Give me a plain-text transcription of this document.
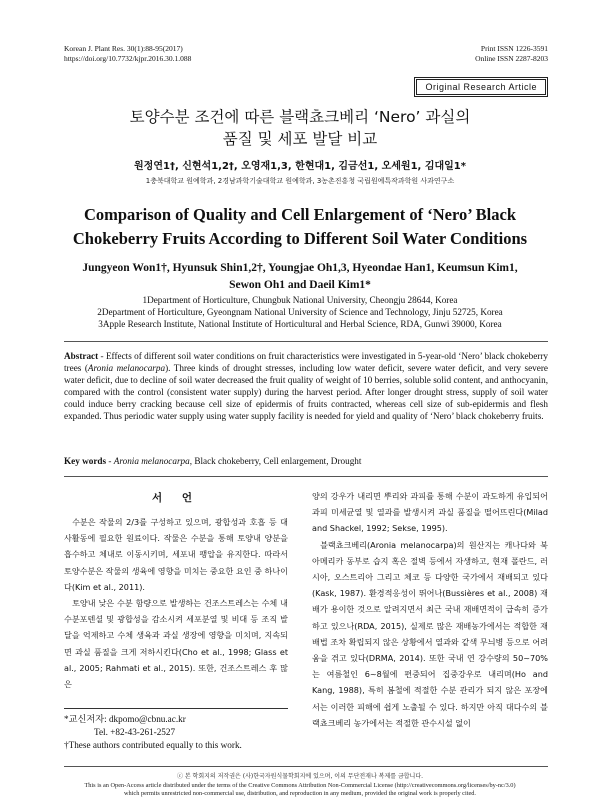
Korean J. Plant Res. 30(1):88-95(2017)
https://doi.org/10.7732/kjpr.2016.30.1.088
Print ISSN 1226-3591
Online ISSN 2287-8203
Original Research Article
토양수분 조건에 따른 블랙쵸크베리 ‘Nero’ 과실의
품질 및 세포 발달 비교
원정연1†, 신현석1,2†, 오영재1,3, 한현대1, 김금선1, 오세원1, 김대일1*
1충북대학교 원예학과, 2경남과학기술대학교 원예학과, 3농촌진흥청 국립원예특작과학원 사과연구소
Comparison of Quality and Cell Enlargement of ‘Nero’ Black
Chokeberry Fruits According to Different Soil Water Conditions
Jungyeon Won1†, Hyunsuk Shin1,2†, Youngjae Oh1,3, Hyeondae Han1, Keumsun Kim1,
Sewon Oh1 and Daeil Kim1*
1Department of Horticulture, Chungbuk National University, Cheongju 28644, Korea
2Department of Horticulture, Gyeongnam National University of Science and Technology, Jinju 52725, Korea
3Apple Research Institute, National Institute of Horticultural and Herbal Science, RDA, Gunwi 39000, Korea
Abstract - Effects of different soil water conditions on fruit characteristics were investigated in 5-year-old ‘Nero’ black chokeberry trees (Aronia melanocarpa). Three kinds of drought stresses, including low water deficit, severe water deficit, and very severe water deficit, due to decline of soil water decreased the fruit quality of weight of 10 berries, soluble solid content, and anthocyanin, compared with the control (consistent water supply) during the harvest period. After longer drought stress, supply of soil water could induce berry cracking because cell size of epidermis of fruits contracted, whereas cell size of sub-epidermis and flesh expanded. Thus periodic water supply using water supply facility is needed for yield and quality of ‘Nero’ black chokeberry fruits.
Key words - Aronia melanocarpa, Black chokeberry, Cell enlargement, Drought
서 언

수분은 작물의 2/3를 구성하고 있으며, 광합성과 호흡 등 대사활동에 필요한 원료이다. 작물은 수분을 통해 토양내 양분을 흡수하고 체내로 이동시키며, 세포내 팽압을 유지한다. 따라서 토양수분은 작물의 생육에 영향을 미치는 중요한 요인 중 하나이다(Kim et al., 2011).

토양내 낮은 수분 함량으로 발생하는 건조스트레스는 수체 내 수분포텐셜 및 광합성을 감소시켜 세포분열 및 비대 등 조직 발달을 억제하고 수체 생육과 과실 생장에 영향을 미치며, 지속되면 과실 품질을 크게 저하시킨다(Cho et al., 1998; Glass et al., 2005; Rahmati et al., 2015). 또한, 건조스트레스 후 많은

양의 강우가 내리면 뿌리와 과피를 통해 수분이 과도하게 유입되어 과피 미세균열 및 열과를 발생시켜 과실 품질을 떨어뜨린다(Milad and Shackel, 1992; Sekse, 1995).

블랙쵸크베리(Aronia melanocarpa)의 원산지는 캐나다와 북아메리카 동부로 습지 혹은 절벽 등에서 자생하고, 현재 폴란드, 러시아, 오스트리아 그리고 체코 등 다양한 국가에서 재배되고 있다(Kask, 1987). 환경적응성이 뛰어나(Bussières et al., 2008) 재배가 용이한 것으로 알려지면서 최근 국내 재배면적이 급속히 증가하고 있으나(RDA, 2015), 실제로 많은 재배농가에서는 적합한 재배법 조차 확립되지 않은 상황에서 열과와 같색 무늬병 등으로 어려움을 겪고 있다(DRMA, 2014). 또한 국내 연 강수량의 50~70%는 여름철인 6~8월에 편중되어 집중강우로 내리며(Ho and Kang, 1988), 특히 봄철에 적절한 수분 관리가 되지 않은 포장에서는 이러한 피해에 쉽게 노출될 수 있다. 하지만 아직 대다수의 블랙쵸크베리 농가에서는 적절한 관수시설 없이

*교신저자: dkpomo@cbnu.ac.kr
Tel. +82-43-261-2527
†These authors contributed equally to this work.
ⓒ 본 학회지의 저작권은 (사)한국자원식물학회지에 있으며, 이의 무단전재나 복제를 금합니다.
This is an Open-Access article distributed under the terms of the Creative Commons Attribution Non-Commercial License (http://creativecommons.org/licenses/by-nc/3.0)
which permits unrestricted non-commercial use, distribution, and reproduction in any medium, provided the original work is properly cited.
